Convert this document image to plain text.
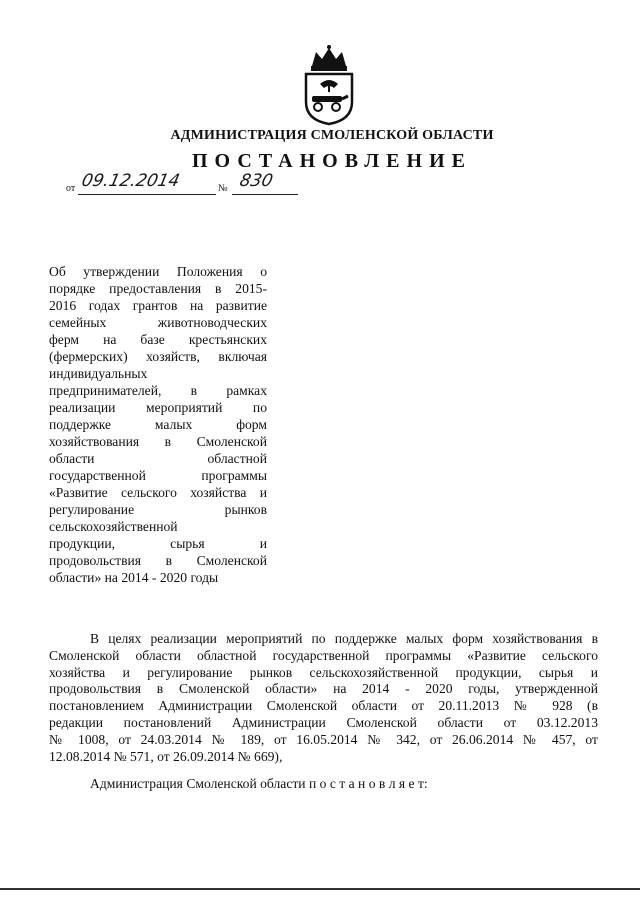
АДМИНИСТРАЦИЯ СМОЛЕНСКОЙ ОБЛАСТИ
ПОСТАНОВЛЕНИЕ
от 09.12.2014	№ 830
Об утверждении Положения о
порядке предоставления в 2015-
2016 годах грантов на развитие
семейных животноводческих
ферм на базе крестьянских
(фермерских) хозяйств, включая
индивидуальных
предпринимателей, в рамках
реализации мероприятий по
поддержке малых форм
хозяйствования в Смоленской
области областной
государственной программы
«Развитие сельского хозяйства и
регулирование рынков
сельскохозяйственной
продукции, сырья и
продовольствия в Смоленской
области» на 2014 - 2020 годы
В целях реализации мероприятий по поддержке малых форм хозяйствования в
Смоленской области областной государственной программы «Развитие сельского
хозяйства и регулирование рынков сельскохозяйственной продукции, сырья и
продовольствия в Смоленской области» на 2014 - 2020 годы, утвержденной
постановлением Администрации Смоленской области от 20.11.2013 № 928 (в
редакции постановлений Администрации Смоленской области от 03.12.2013
№ 1008, от 24.03.2014 № 189, от 16.05.2014 № 342, от 26.06.2014 № 457, от
12.08.2014 № 571, от 26.09.2014 № 669),
Администрация Смоленской области п о с т а н о в л я е т:
